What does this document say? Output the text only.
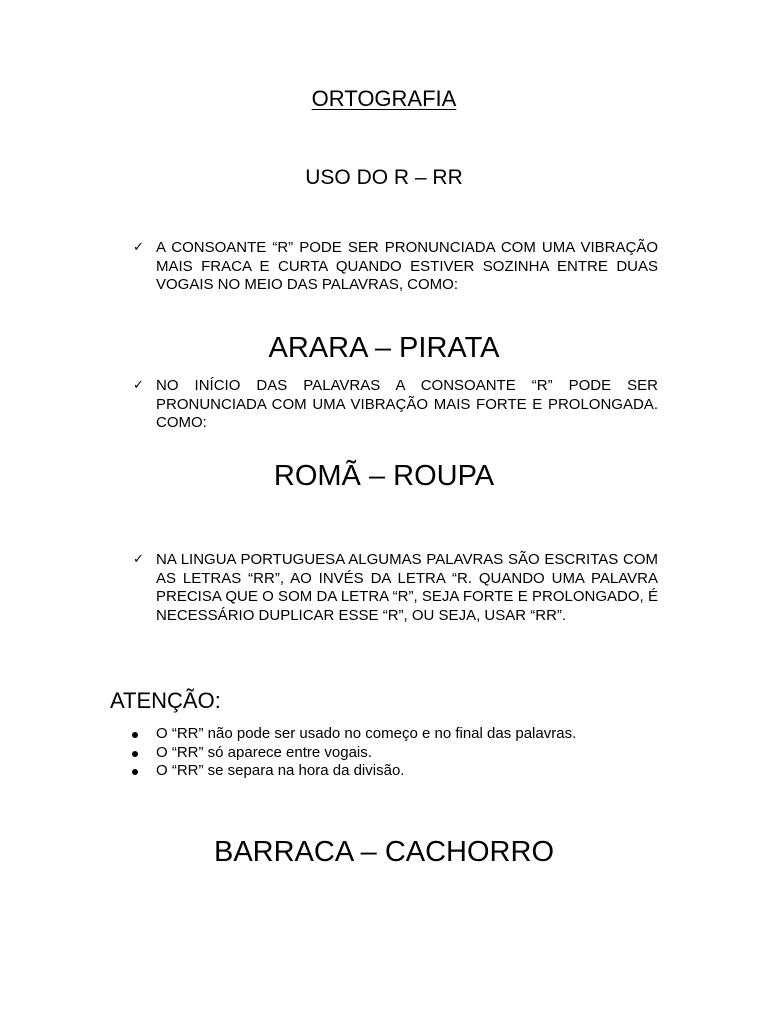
ORTOGRAFIA
USO DO R – RR
✓ A CONSOANTE “R” PODE SER PRONUNCIADA COM UMA VIBRAÇÃO MAIS FRACA E CURTA QUANDO ESTIVER SOZINHA ENTRE DUAS VOGAIS NO MEIO DAS PALAVRAS, COMO:
ARARA – PIRATA
✓ NO INÍCIO DAS PALAVRAS A CONSOANTE “R” PODE SER PRONUNCIADA COM UMA VIBRAÇÃO MAIS FORTE E PROLONGADA. COMO:
ROMÃ – ROUPA
✓ NA LINGUA PORTUGUESA ALGUMAS PALAVRAS SÃO ESCRITAS COM AS LETRAS “RR”, AO INVÉS DA LETRA “R. QUANDO UMA PALAVRA PRECISA QUE O SOM DA LETRA “R”, SEJA FORTE E PROLONGADO, É NECESSÁRIO DUPLICAR ESSE “R”, OU SEJA, USAR “RR”.
ATENÇÃO:
O “RR” não pode ser usado no começo e no final das palavras.
O “RR” só aparece entre vogais.
O “RR” se separa na hora da divisão.
BARRACA – CACHORRO
